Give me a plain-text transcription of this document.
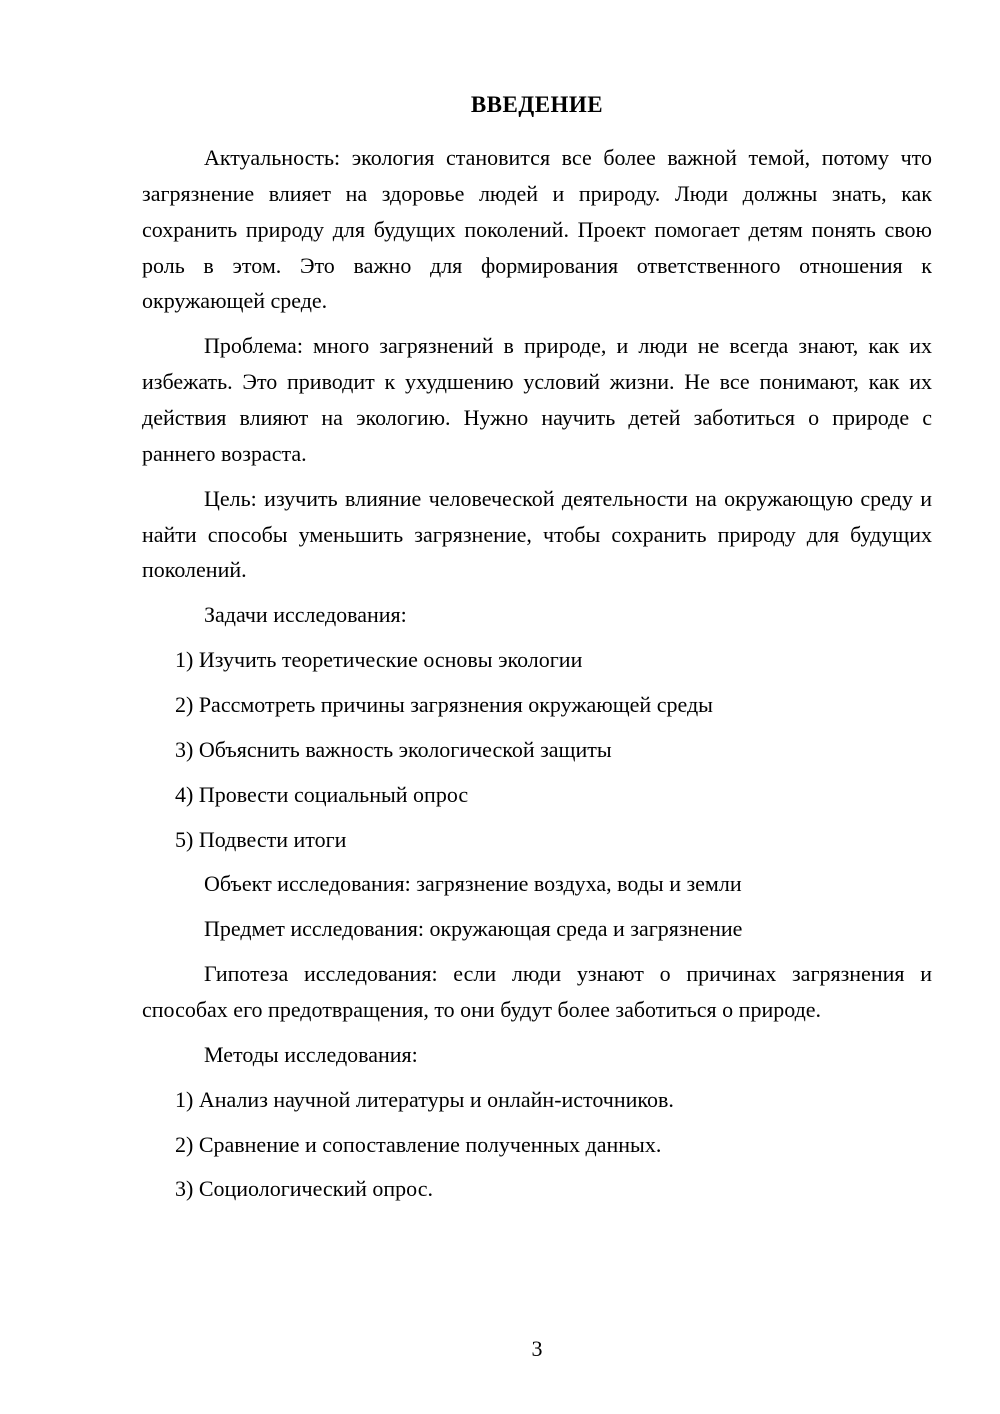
ВВЕДЕНИЕ

Актуальность: экология становится все более важной темой, потому что загрязнение влияет на здоровье людей и природу. Люди должны знать, как сохранить природу для будущих поколений. Проект помогает детям понять свою роль в этом. Это важно для формирования ответственного отношения к окружающей среде.

Проблема: много загрязнений в природе, и люди не всегда знают, как их избежать. Это приводит к ухудшению условий жизни. Не все понимают, как их действия влияют на экологию. Нужно научить детей заботиться о природе с раннего возраста.

Цель: изучить влияние человеческой деятельности на окружающую среду и найти способы уменьшить загрязнение, чтобы сохранить природу для будущих поколений.

Задачи исследования:

1) Изучить теоретические основы экологии

2) Рассмотреть причины загрязнения окружающей среды

3) Объяснить важность экологической защиты

4) Провести социальный опрос

5) Подвести итоги

Объект исследования: загрязнение воздуха, воды и земли

Предмет исследования: окружающая среда и загрязнение

Гипотеза исследования: если люди узнают о причинах загрязнения и способах его предотвращения, то они будут более заботиться о природе.

Методы исследования:

1) Анализ научной литературы и онлайн-источников.

2) Сравнение и сопоставление полученных данных.

3) Социологический опрос.

3
